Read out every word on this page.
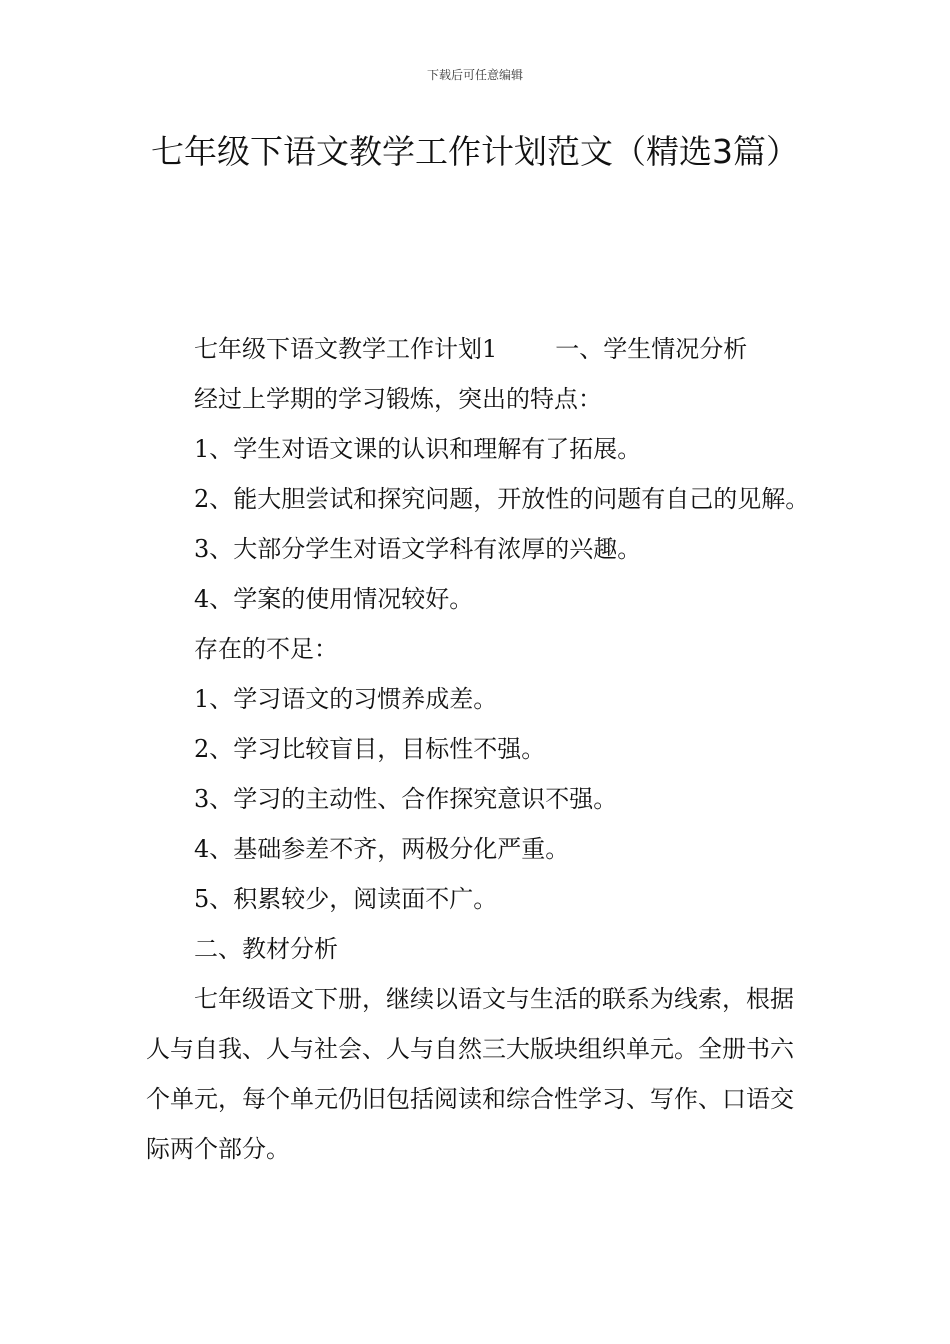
下载后可任意编辑
七年级下语文教学工作计划范文（精选3篇）

七年级下语文教学工作计划1 一、学生情况分析

经过上学期的学习锻炼，突出的特点：

1、学生对语文课的认识和理解有了拓展。

2、能大胆尝试和探究问题，开放性的问题有自己的见解。

3、大部分学生对语文学科有浓厚的兴趣。

4、学案的使用情况较好。

存在的不足：

1、学习语文的习惯养成差。

2、学习比较盲目，目标性不强。

3、学习的主动性、合作探究意识不强。

4、基础参差不齐，两极分化严重。

5、积累较少，阅读面不广。

二、教材分析

七年级语文下册，继续以语文与生活的联系为线索，根据人与自我、人与社会、人与自然三大版块组织单元。全册书六个单元，每个单元仍旧包括阅读和综合性学习、写作、口语交际两个部分。
